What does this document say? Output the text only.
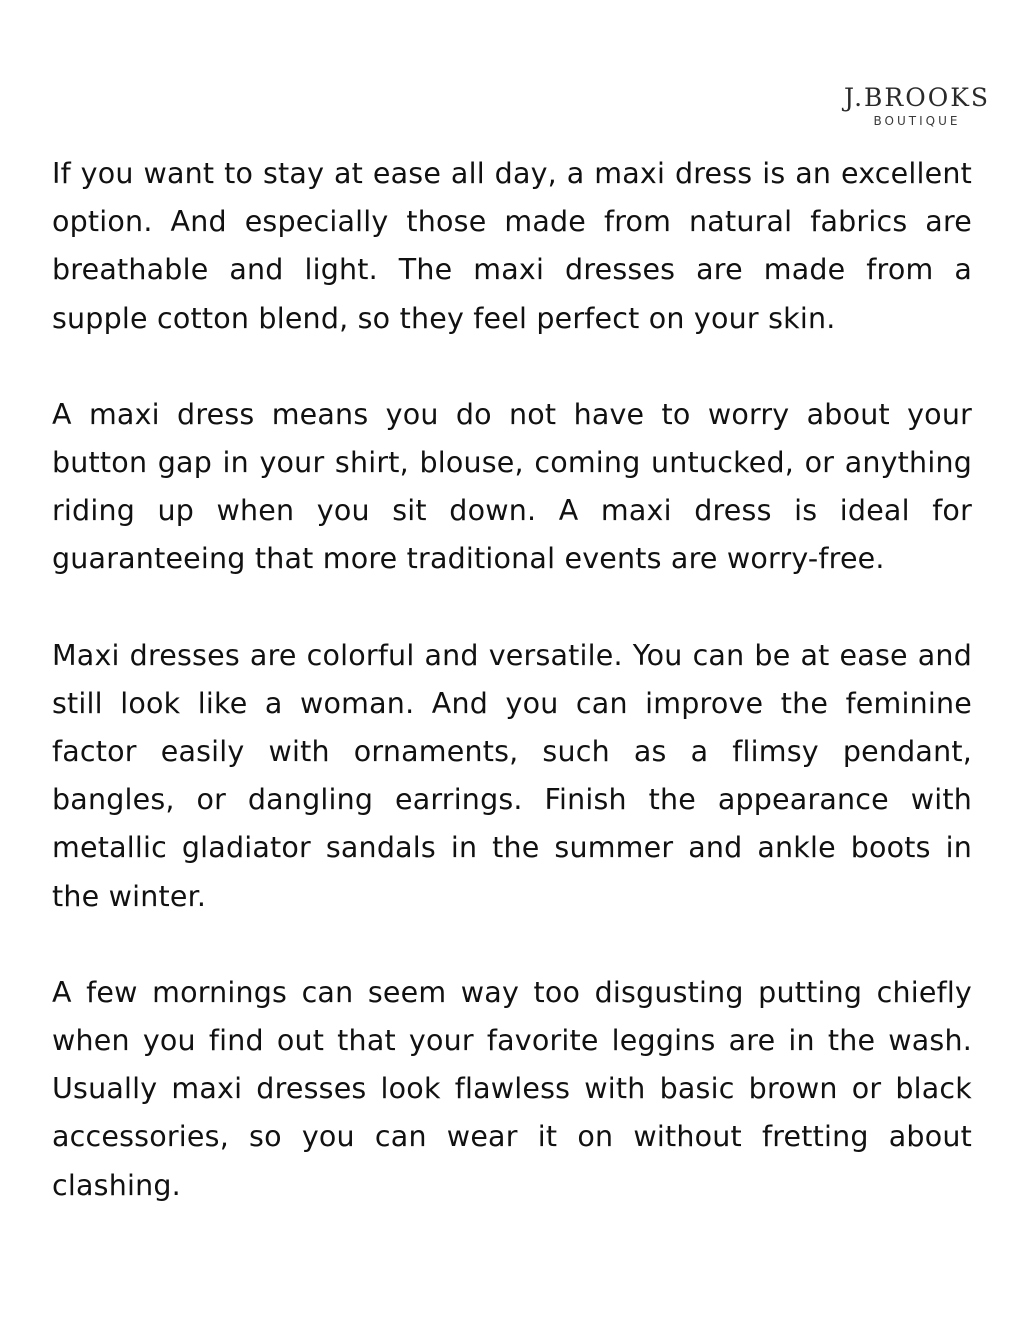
J.BROOKS
BOUTIQUE

If you want to stay at ease all day, a maxi dress is an excellent option. And especially those made from natural fabrics are breathable and light. The maxi dresses are made from a supple cotton blend, so they feel perfect on your skin.

A maxi dress means you do not have to worry about your button gap in your shirt, blouse, coming untucked, or anything riding up when you sit down. A maxi dress is ideal for guaranteeing that more traditional events are worry-free.

Maxi dresses are colorful and versatile. You can be at ease and still look like a woman. And you can improve the feminine factor easily with ornaments, such as a flimsy pendant, bangles, or dangling earrings. Finish the appearance with metallic gladiator sandals in the summer and ankle boots in the winter.

A few mornings can seem way too disgusting putting chiefly when you find out that your favorite leggins are in the wash. Usually maxi dresses look flawless with basic brown or black accessories, so you can wear it on without fretting about clashing.
